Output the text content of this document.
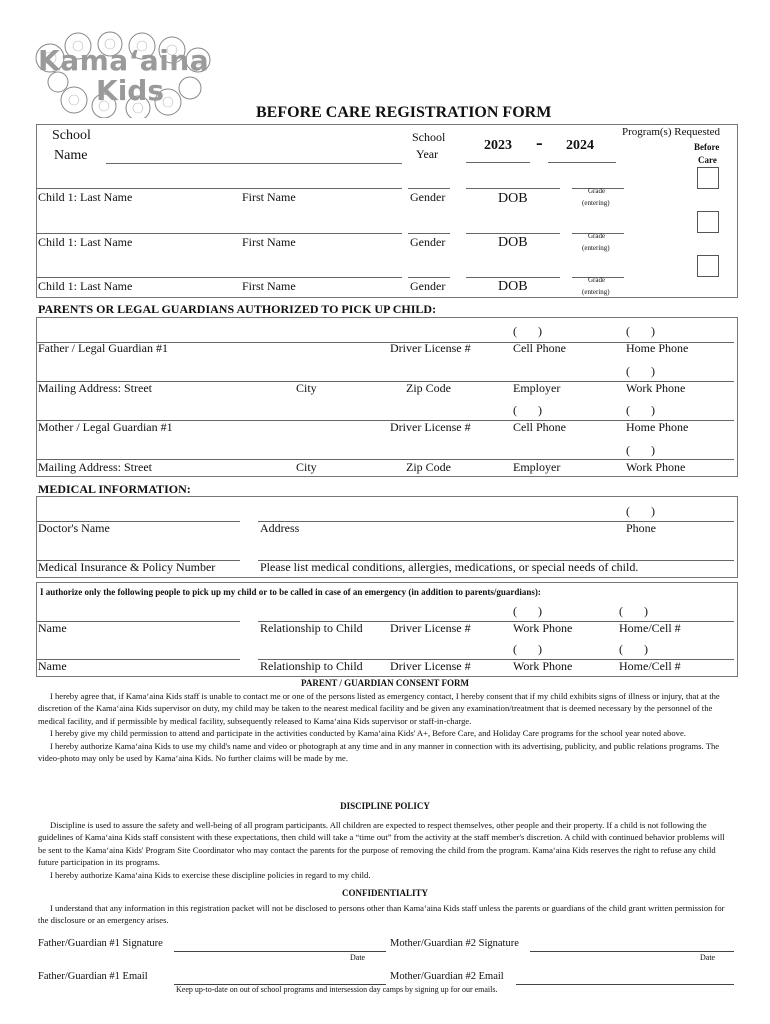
Kamaʻaina
Kids
BEFORE CARE REGISTRATION FORM
School
Name
School
Year
2023 - 2024
Program(s) Requested
Before
Care
Child 1: Last Name	First Name	Gender	DOB	Grade
(entering)
Child 1: Last Name	First Name	Gender	DOB	Grade
(entering)
Child 1: Last Name	First Name	Gender	DOB	Grade
(entering)
PARENTS OR LEGAL GUARDIANS AUTHORIZED TO PICK UP CHILD:
(       )	(       )
Father / Legal Guardian #1	Driver License #	Cell Phone	Home Phone
(       )
Mailing Address: Street	City	Zip Code	Employer	Work Phone
(       )	(       )
Mother / Legal Guardian #1	Driver License #	Cell Phone	Home Phone
(       )
Mailing Address: Street	City	Zip Code	Employer	Work Phone
MEDICAL INFORMATION:
(       )
Doctor's Name	Address	Phone
Medical Insurance & Policy Number	Please list medical conditions, allergies, medications, or special needs of child.
I authorize only the following people to pick up my child or to be called in case of an emergency (in addition to parents/guardians):
(       )	(       )
Name	Relationship to Child Driver License #	Work Phone	Home/Cell #
(       )	(       )
Name	Relationship to Child Driver License #	Work Phone	Home/Cell #
PARENT / GUARDIAN CONSENT FORM

I hereby agree that, if Kamaʻaina Kids staff is unable to contact me or one of the persons listed as emergency contact, I hereby consent that if my child exhibits signs of illness or injury, that at the discretion of the Kamaʻaina Kids supervisor on duty, my child may be taken to the nearest medical facility and be given any examination/treatment that is deemed necessary by the personnel of the medical facility, and if permissible by medical facility, subsequently released to Kamaʻaina Kids supervisor or staff-in-charge.

I hereby give my child permission to attend and participate in the activities conducted by Kamaʻaina Kids' A+, Before Care, and Holiday Care programs for the school year noted above.

I hereby authorize Kamaʻaina Kids to use my child's name and video or photograph at any time and in any manner in connection with its advertising, publicity, and public relations programs. The video-photo may only be used by Kamaʻaina Kids. No further claims will be made by me.

DISCIPLINE POLICY

Discipline is used to assure the safety and well-being of all program participants. All children are expected to respect themselves, other people and their property. If a child is not following the guidelines of Kamaʻaina Kids staff consistent with these expectations, then child will take a “time out” from the activity at the staff member's discretion. A child with continued behavior problems will be sent to the Kamaʻaina Kids' Program Site Coordinator who may contact the parents for the purpose of removing the child from the program. Kamaʻaina Kids reserves the right to refuse any child future participation in its programs.

I hereby authorize Kamaʻaina Kids to exercise these discipline policies in regard to my child.

CONFIDENTIALITY

I understand that any information in this registration packet will not be disclosed to persons other than Kamaʻaina Kids staff unless the parents or guardians of the child grant written permission for the disclosure or an emergency arises.

Father/Guardian #1 Signature
Date
Mother/Guardian #2 Signature
Date
Father/Guardian #1 Email	Mother/Guardian #2 Email
Keep up-to-date on out of school programs and intersession day camps by signing up for our emails.
